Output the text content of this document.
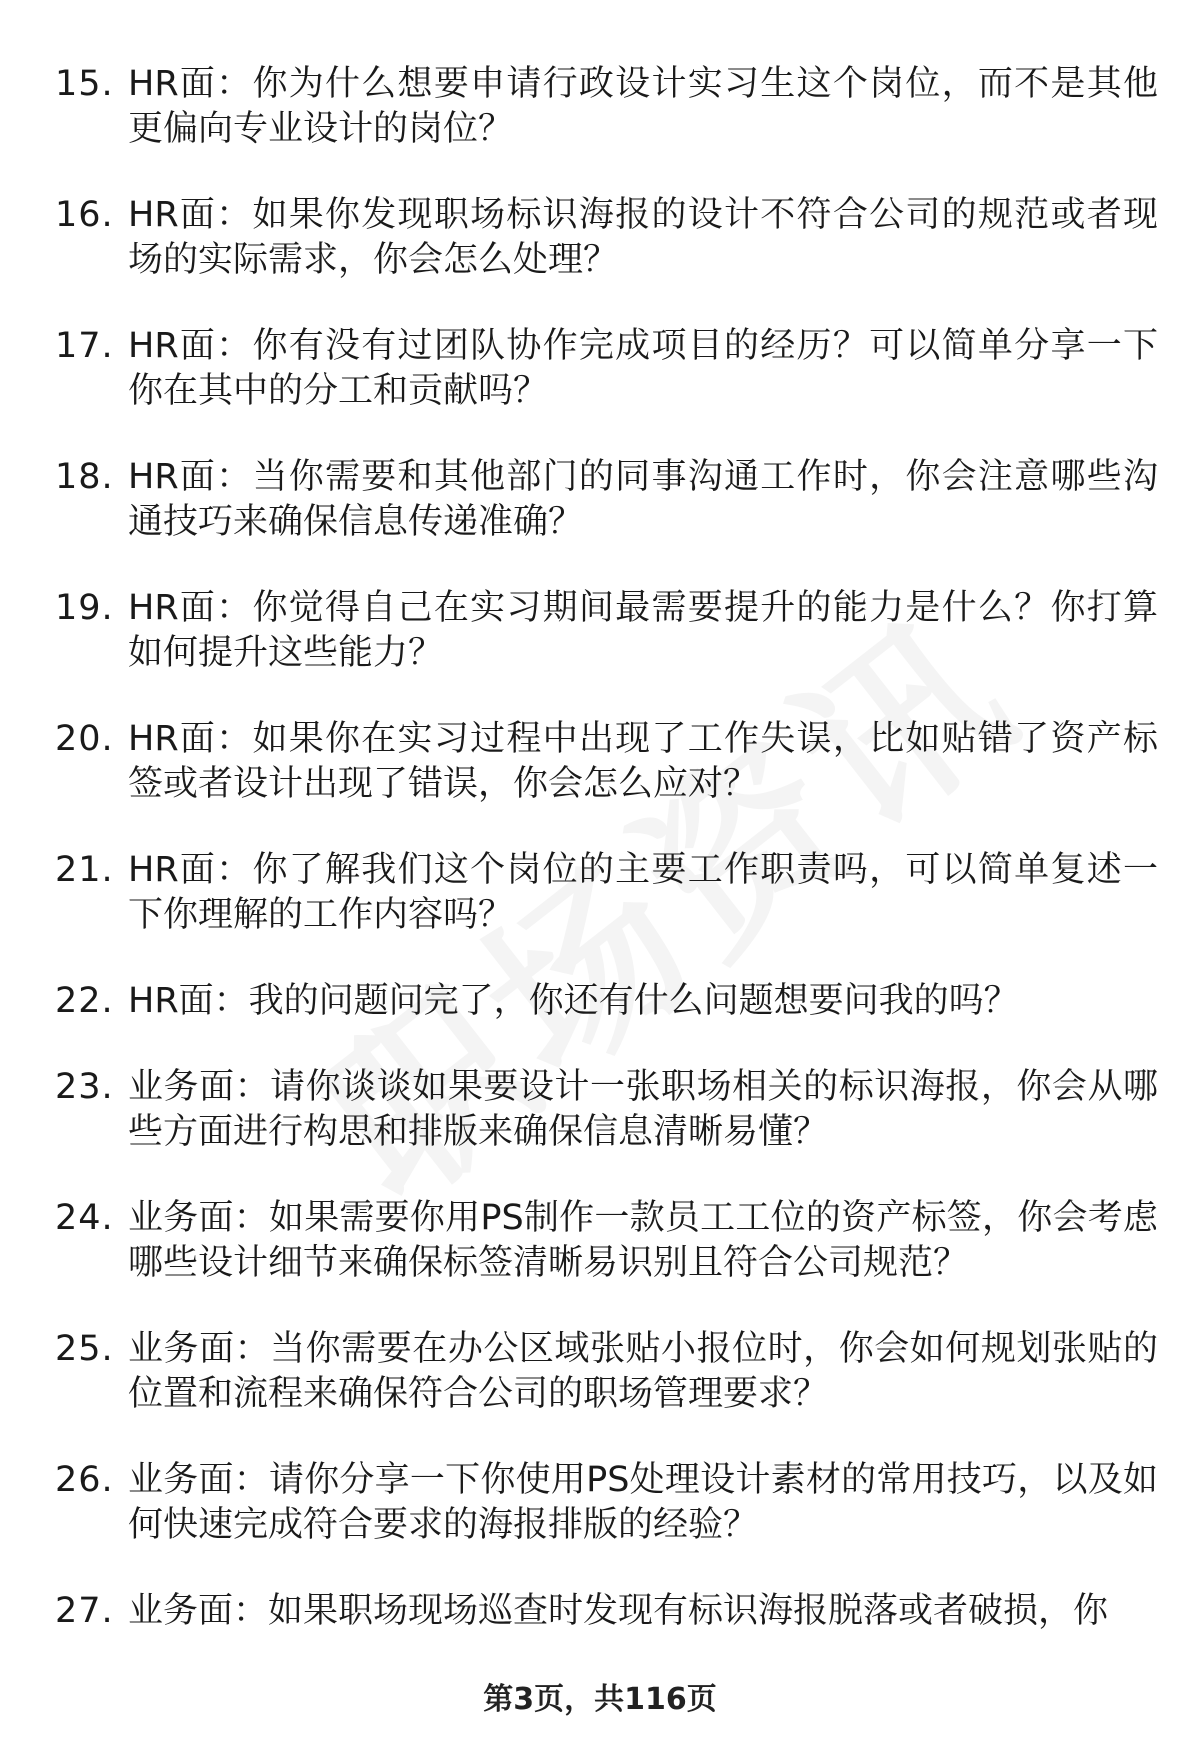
15. HR面：你为什么想要申请行政设计实习生这个岗位，而不是其他更偏向专业设计的岗位？
16. HR面：如果你发现职场标识海报的设计不符合公司的规范或者现场的实际需求，你会怎么处理？
17. HR面：你有没有过团队协作完成项目的经历？可以简单分享一下你在其中的分工和贡献吗？
18. HR面：当你需要和其他部门的同事沟通工作时，你会注意哪些沟通技巧来确保信息传递准确？
19. HR面：你觉得自己在实习期间最需要提升的能力是什么？你打算如何提升这些能力？
20. HR面：如果你在实习过程中出现了工作失误，比如贴错了资产标签或者设计出现了错误，你会怎么应对？
21. HR面：你了解我们这个岗位的主要工作职责吗，可以简单复述一下你理解的工作内容吗？
22. HR面：我的问题问完了，你还有什么问题想要问我的吗？
23. 业务面：请你谈谈如果要设计一张职场相关的标识海报，你会从哪些方面进行构思和排版来确保信息清晰易懂？
24. 业务面：如果需要你用PS制作一款员工工位的资产标签，你会考虑哪些设计细节来确保标签清晰易识别且符合公司规范？
25. 业务面：当你需要在办公区域张贴小报位时，你会如何规划张贴的位置和流程来确保符合公司的职场管理要求？
26. 业务面：请你分享一下你使用PS处理设计素材的常用技巧，以及如何快速完成符合要求的海报排版的经验？
27. 业务面：如果职场现场巡查时发现有标识海报脱落或者破损，你
第3页，共116页
